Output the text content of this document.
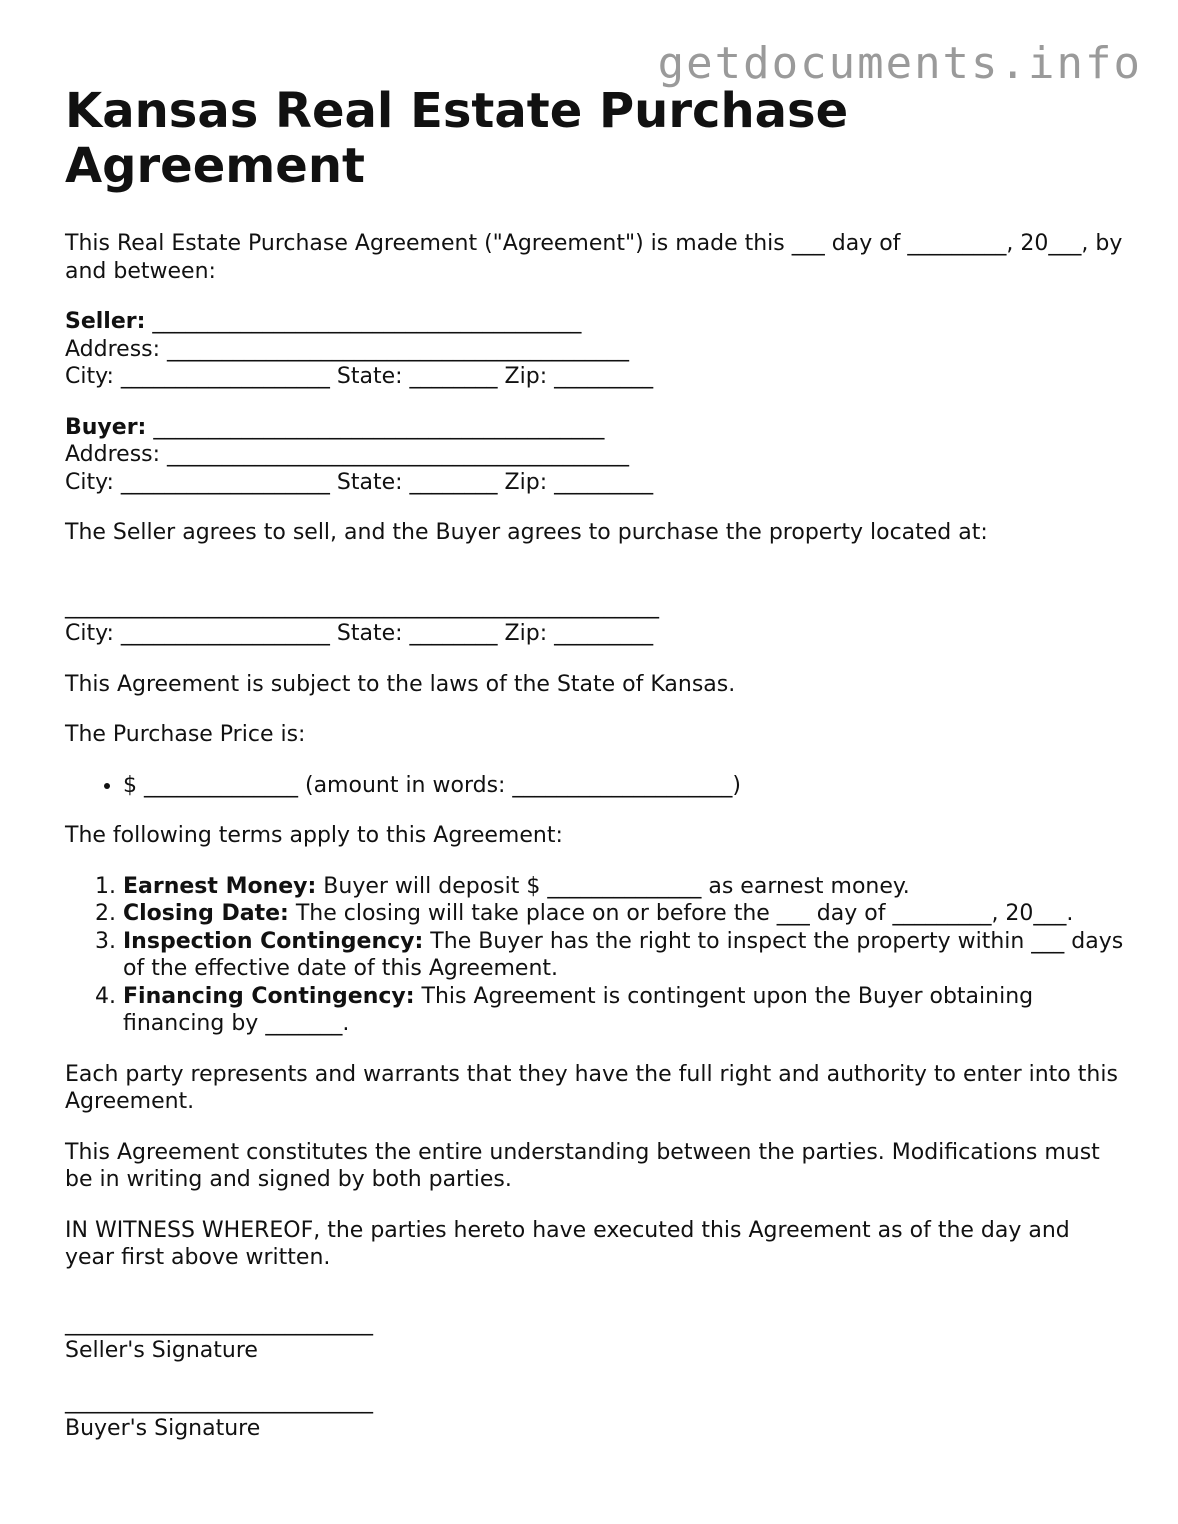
getdocuments.info
Kansas Real Estate Purchase Agreement

This Real Estate Purchase Agreement ("Agreement") is made this ___ day of _________, 20___, by and between:

Seller: _______________________________________
Address: __________________________________________
City: ___________________ State: ________ Zip: _________
Buyer: _________________________________________
Address: __________________________________________
City: ___________________ State: ________ Zip: _________

The Seller agrees to sell, and the Buyer agrees to purchase the property located at:

______________________________________________________
City: ___________________ State: ________ Zip: _________

This Agreement is subject to the laws of the State of Kansas.

The Purchase Price is:

• $ ______________ (amount in words: ____________________)

The following terms apply to this Agreement:

1. Earnest Money: Buyer will deposit $ ______________ as earnest money.
2. Closing Date: The closing will take place on or before the ___ day of _________, 20___.
3. Inspection Contingency: The Buyer has the right to inspect the property within ___ days of the effective date of this Agreement.
4. Financing Contingency: This Agreement is contingent upon the Buyer obtaining financing by _______.

Each party represents and warrants that they have the full right and authority to enter into this Agreement.

This Agreement constitutes the entire understanding between the parties. Modifications must be in writing and signed by both parties.

IN WITNESS WHEREOF, the parties hereto have executed this Agreement as of the day and year first above written.

____________________________
Seller's Signature
____________________________
Buyer's Signature
